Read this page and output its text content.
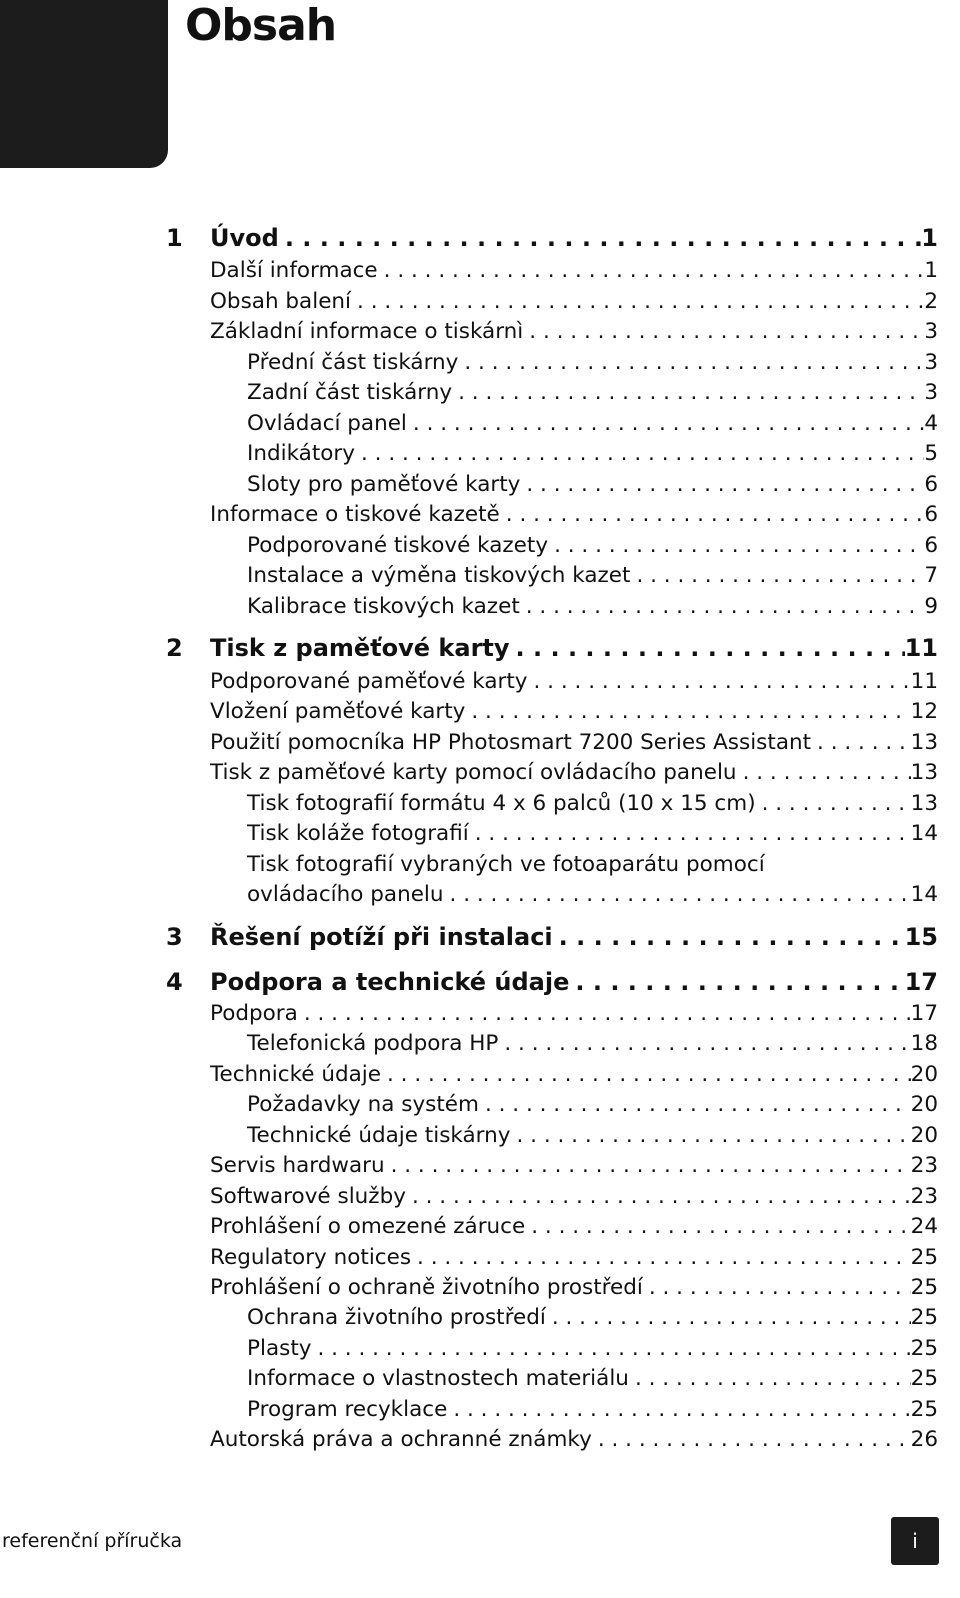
Obsah
1 Úvod . . .	1
Další informace . . .	1
Obsah balení . . .	2
Základní informace o tiskárnì . . .	3
Přední část tiskárny . . .	3
Zadní část tiskárny . . .	3
Ovládací panel . . .	4
Indikátory . . .	5
Sloty pro paměťové karty . . .	6
Informace o tiskové kazetě . . .	6
Podporované tiskové kazety . . .	6
Instalace a výměna tiskových kazet . . .	7
Kalibrace tiskových kazet . . .	9
2 Tisk z paměťové karty . . .	11
Podporované paměťové karty . . .	11
Vložení paměťové karty . . .	12
Použití pomocníka HP Photosmart 7200 Series Assistant . . .	13
Tisk z paměťové karty pomocí ovládacího panelu . . .	13
Tisk fotografií formátu 4 x 6 palců (10 x 15 cm) . . .	13
Tisk koláže fotografií . . .	14
Tisk fotografií vybraných ve fotoaparátu pomocí
ovládacího panelu . . .	14
3 Řešení potíží při instalaci . . .	15
4 Podpora a technické údaje . . .	17
Podpora . . .	17
Telefonická podpora HP . . .	18
Technické údaje . . .	20
Požadavky na systém . . .	20
Technické údaje tiskárny . . .	20
Servis hardwaru . . .	23
Softwarové služby . . .	23
Prohlášení o omezené záruce . . .	24
Regulatory notices . . .	25
Prohlášení o ochraně životního prostředí . . .	25
Ochrana životního prostředí . . .	25
Plasty . . .	25
Informace o vlastnostech materiálu . . .	25
Program recyklace . . .	25
Autorská práva a ochranné známky . . .	26
referenční příručka	i
